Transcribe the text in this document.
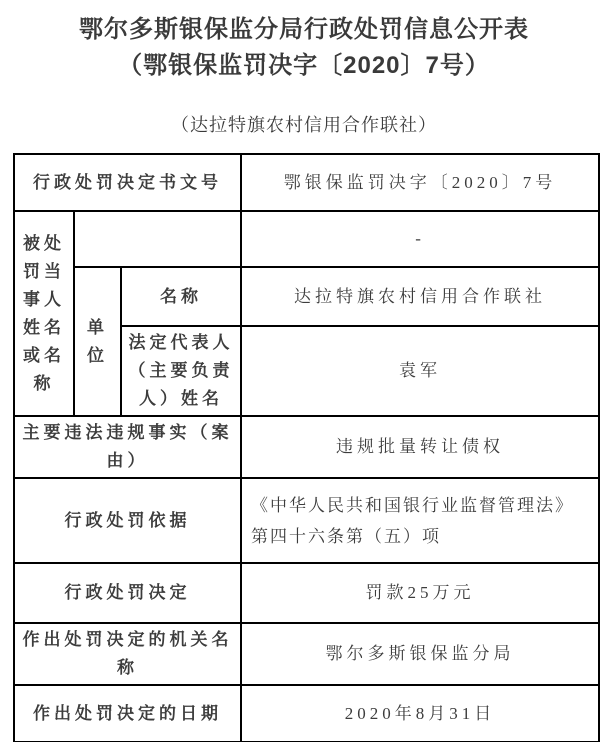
鄂尔多斯银保监分局行政处罚信息公开表
（鄂银保监罚决字〔2020〕7号）
（达拉特旗农村信用合作联社）
行政处罚决定书文号			鄂银保监罚决字〔2020〕7号
被处罚当事人姓名或名称			-
	单位	名称	达拉特旗农村信用合作联社
		法定代表人（主要负责人）姓名	袁军
主要违法违规事实（案由）			违规批量转让债权
行政处罚依据			《中华人民共和国银行业监督管理法》
第四十六条第（五）项

行政处罚决定			罚款25万元
作出处罚决定的机关名称			鄂尔多斯银保监分局
作出处罚决定的日期			2020年8月31日
